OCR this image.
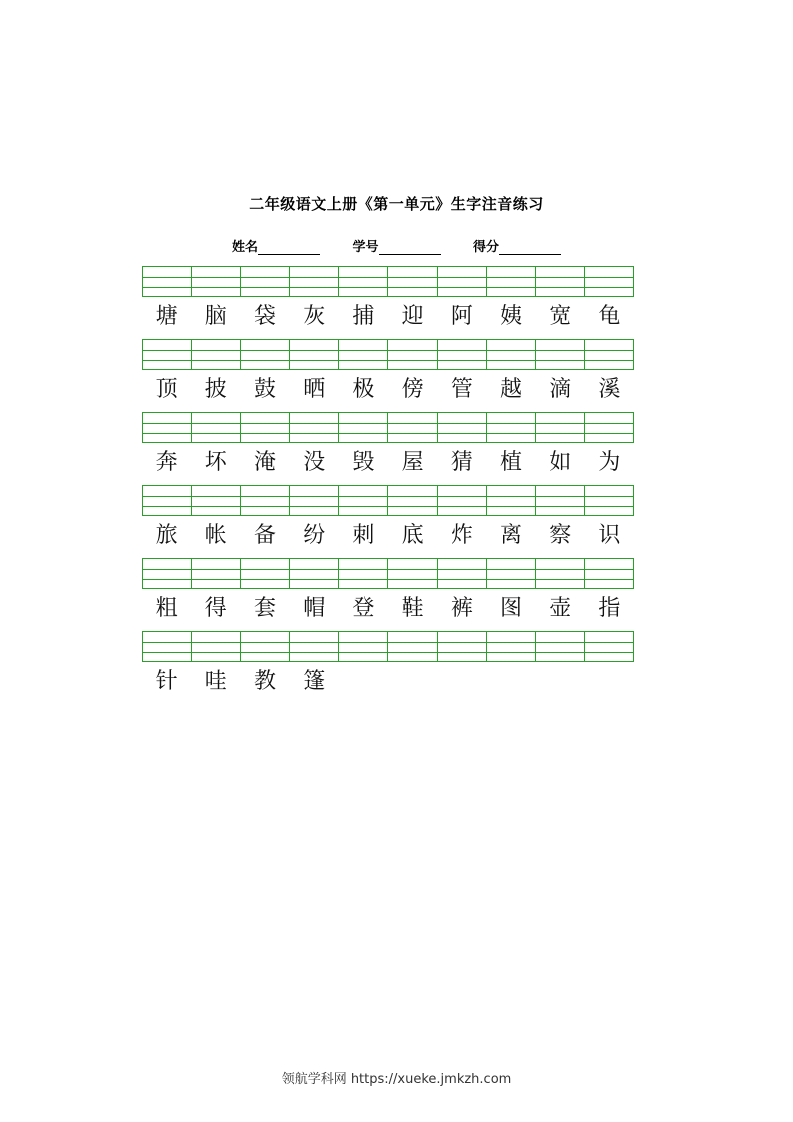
二年级语文上册《第一单元》生字注音练习
姓名	学号	得分
塘	脑	袋	灰	捕	迎	阿	姨	宽	龟
顶	披	鼓	晒	极	傍	管	越	滴	溪
奔	坏	淹	没	毁	屋	猜	植	如	为
旅	帐	备	纷	刺	底	炸	离	察	识
粗	得	套	帽	登	鞋	裤	图	壶	指
针	哇	教	篷
领航学科网 https://xueke.jmkzh.com
